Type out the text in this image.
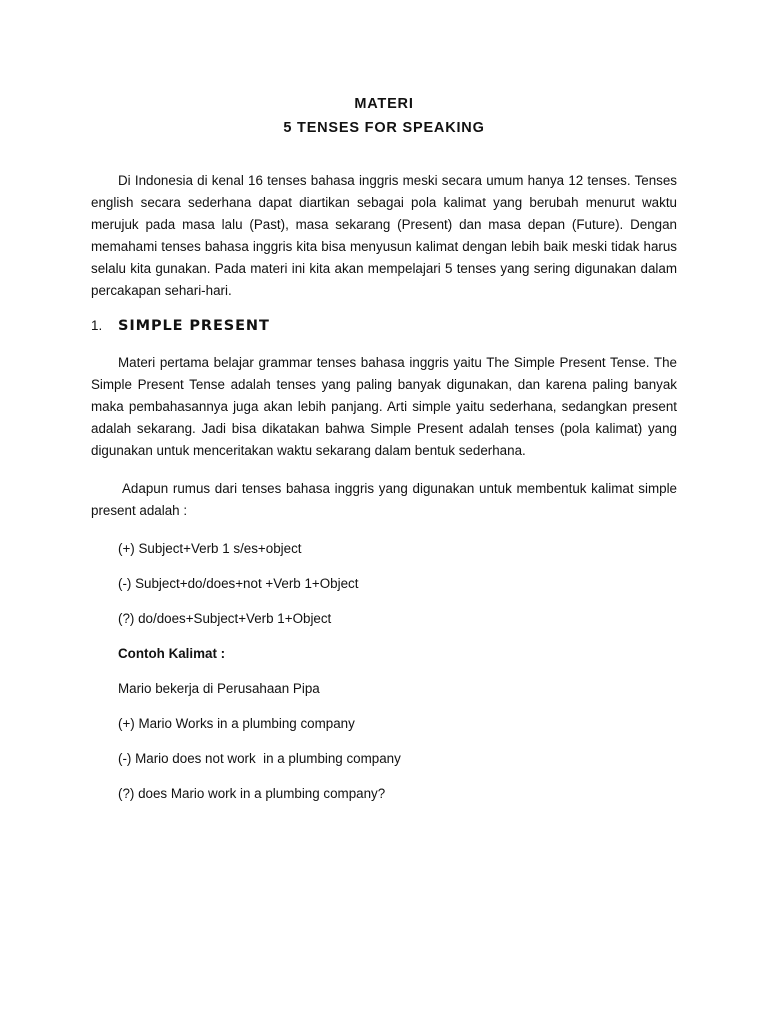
MATERI

5 TENSES FOR SPEAKING

Di Indonesia di kenal 16 tenses bahasa inggris meski secara umum hanya 12 tenses. Tenses english secara sederhana dapat diartikan sebagai pola kalimat yang berubah menurut waktu merujuk pada masa lalu (Past), masa sekarang (Present) dan masa depan (Future). Dengan memahami tenses bahasa inggris kita bisa menyusun kalimat dengan lebih baik meski tidak harus selalu kita gunakan. Pada materi ini kita akan mempelajari 5 tenses yang sering digunakan dalam percakapan sehari-hari.

1.	SIMPLE PRESENT

Materi pertama belajar grammar tenses bahasa inggris yaitu The Simple Present Tense. The Simple Present Tense adalah tenses yang paling banyak digunakan, dan karena paling banyak maka pembahasannya juga akan lebih panjang. Arti simple yaitu sederhana, sedangkan present adalah sekarang. Jadi bisa dikatakan bahwa Simple Present adalah tenses (pola kalimat) yang digunakan untuk menceritakan waktu sekarang dalam bentuk sederhana.

Adapun rumus dari tenses bahasa inggris yang digunakan untuk membentuk kalimat simple present adalah :

(+) Subject+Verb 1 s/es+object
(-) Subject+do/does+not +Verb 1+Object
(?) do/does+Subject+Verb 1+Object
Contoh Kalimat :
Mario bekerja di Perusahaan Pipa
(+) Mario Works in a plumbing company
(-) Mario does not work  in a plumbing company
(?) does Mario work in a plumbing company?
